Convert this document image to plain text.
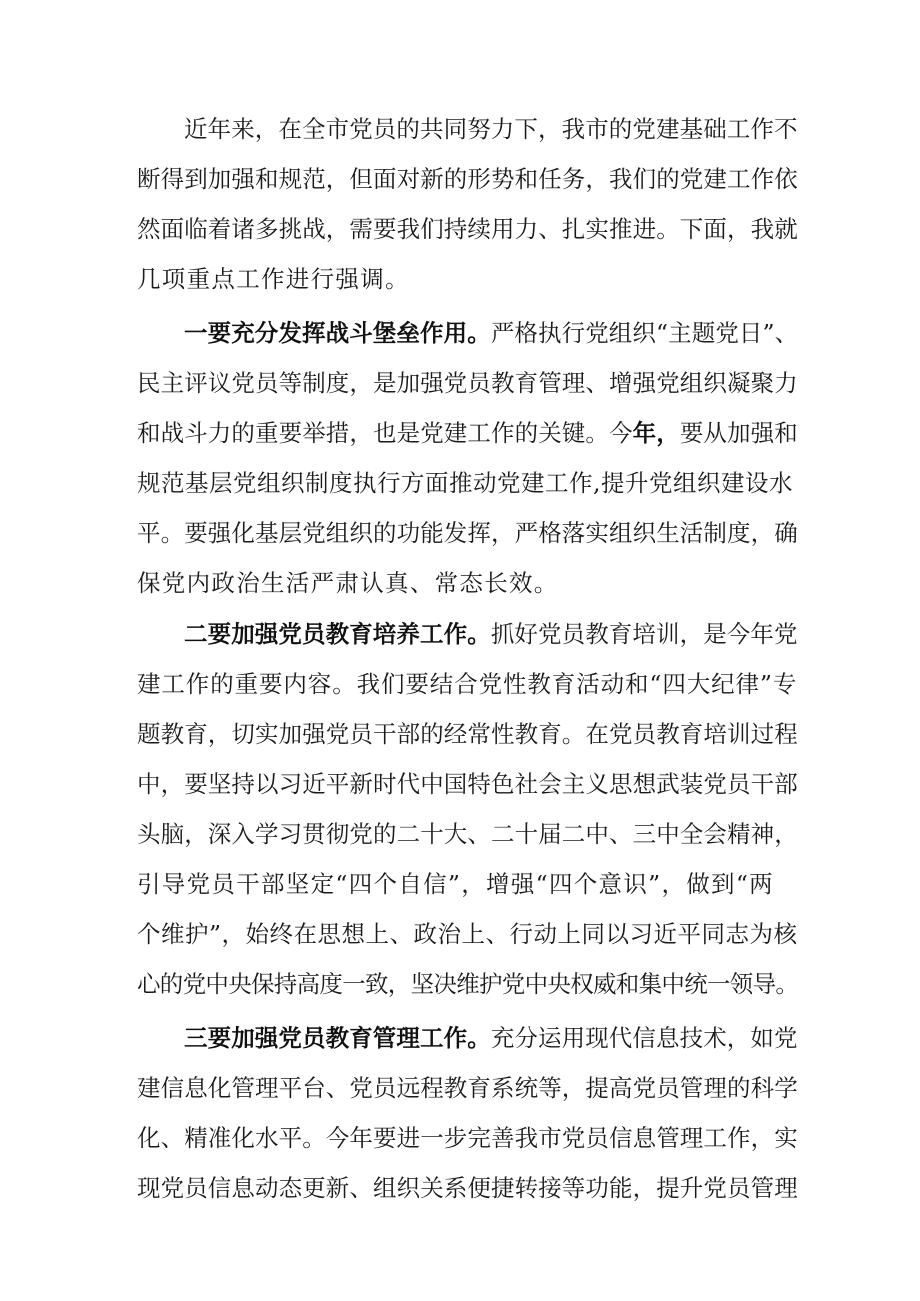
近年来，在全市党员的共同努力下，我市的党建基础工作不
断得到加强和规范，但面对新的形势和任务，我们的党建工作依
然面临着诸多挑战，需要我们持续用力、扎实推进。下面，我就
几项重点工作进行强调。
一要充分发挥战斗堡垒作用。严格执行党组织“主题党日”、
民主评议党员等制度，是加强党员教育管理、增强党组织凝聚力
和战斗力的重要举措，也是党建工作的关键。今年，要从加强和
规范基层党组织制度执行方面推动党建工作,提升党组织建设水
平。要强化基层党组织的功能发挥，严格落实组织生活制度，确
保党内政治生活严肃认真、常态长效。
二要加强党员教育培养工作。抓好党员教育培训，是今年党
建工作的重要内容。我们要结合党性教育活动和“四大纪律”专
题教育，切实加强党员干部的经常性教育。在党员教育培训过程
中，要坚持以习近平新时代中国特色社会主义思想武装党员干部
头脑，深入学习贯彻党的二十大、二十届二中、三中全会精神，
引导党员干部坚定“四个自信”，增强“四个意识”，做到“两
个维护”，始终在思想上、政治上、行动上同以习近平同志为核
心的党中央保持高度一致，坚决维护党中央权威和集中统一领导。
三要加强党员教育管理工作。充分运用现代信息技术，如党
建信息化管理平台、党员远程教育系统等，提高党员管理的科学
化、精准化水平。今年要进一步完善我市党员信息管理工作，实
现党员信息动态更新、组织关系便捷转接等功能，提升党员管理
